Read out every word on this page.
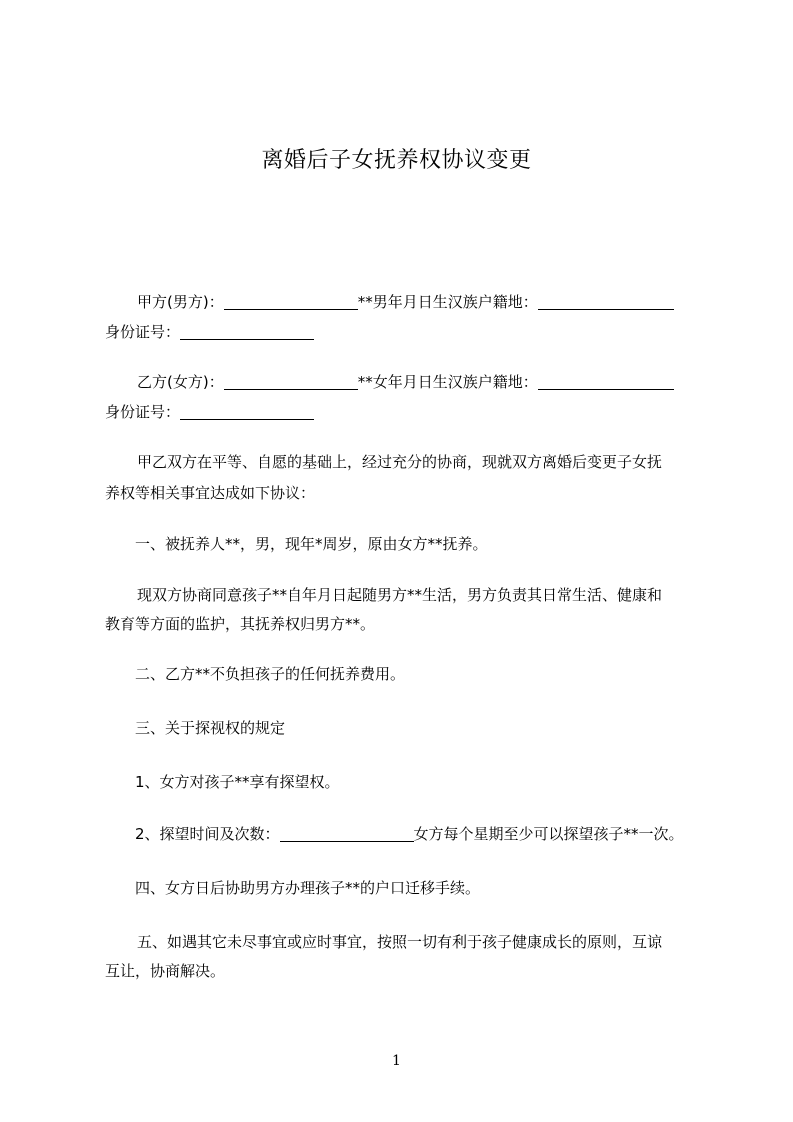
离婚后子女抚养权协议变更
甲方(男方)：	**男年月日生汉族户籍地：
身份证号：
乙方(女方)：	**女年月日生汉族户籍地：
身份证号：
甲乙双方在平等、自愿的基础上，经过充分的协商，现就双方离婚后变更子女抚
养权等相关事宜达成如下协议：
一、被抚养人**，男，现年*周岁，原由女方**抚养。
现双方协商同意孩子**自年月日起随男方**生活，男方负责其日常生活、健康和
教育等方面的监护，其抚养权归男方**。
二、乙方**不负担孩子的任何抚养费用。
三、关于探视权的规定
1、女方对孩子**享有探望权。
2、探望时间及次数：	女方每个星期至少可以探望孩子**一次。
四、女方日后协助男方办理孩子**的户口迁移手续。
五、如遇其它未尽事宜或应时事宜，按照一切有利于孩子健康成长的原则，互谅
互让，协商解决。
1
